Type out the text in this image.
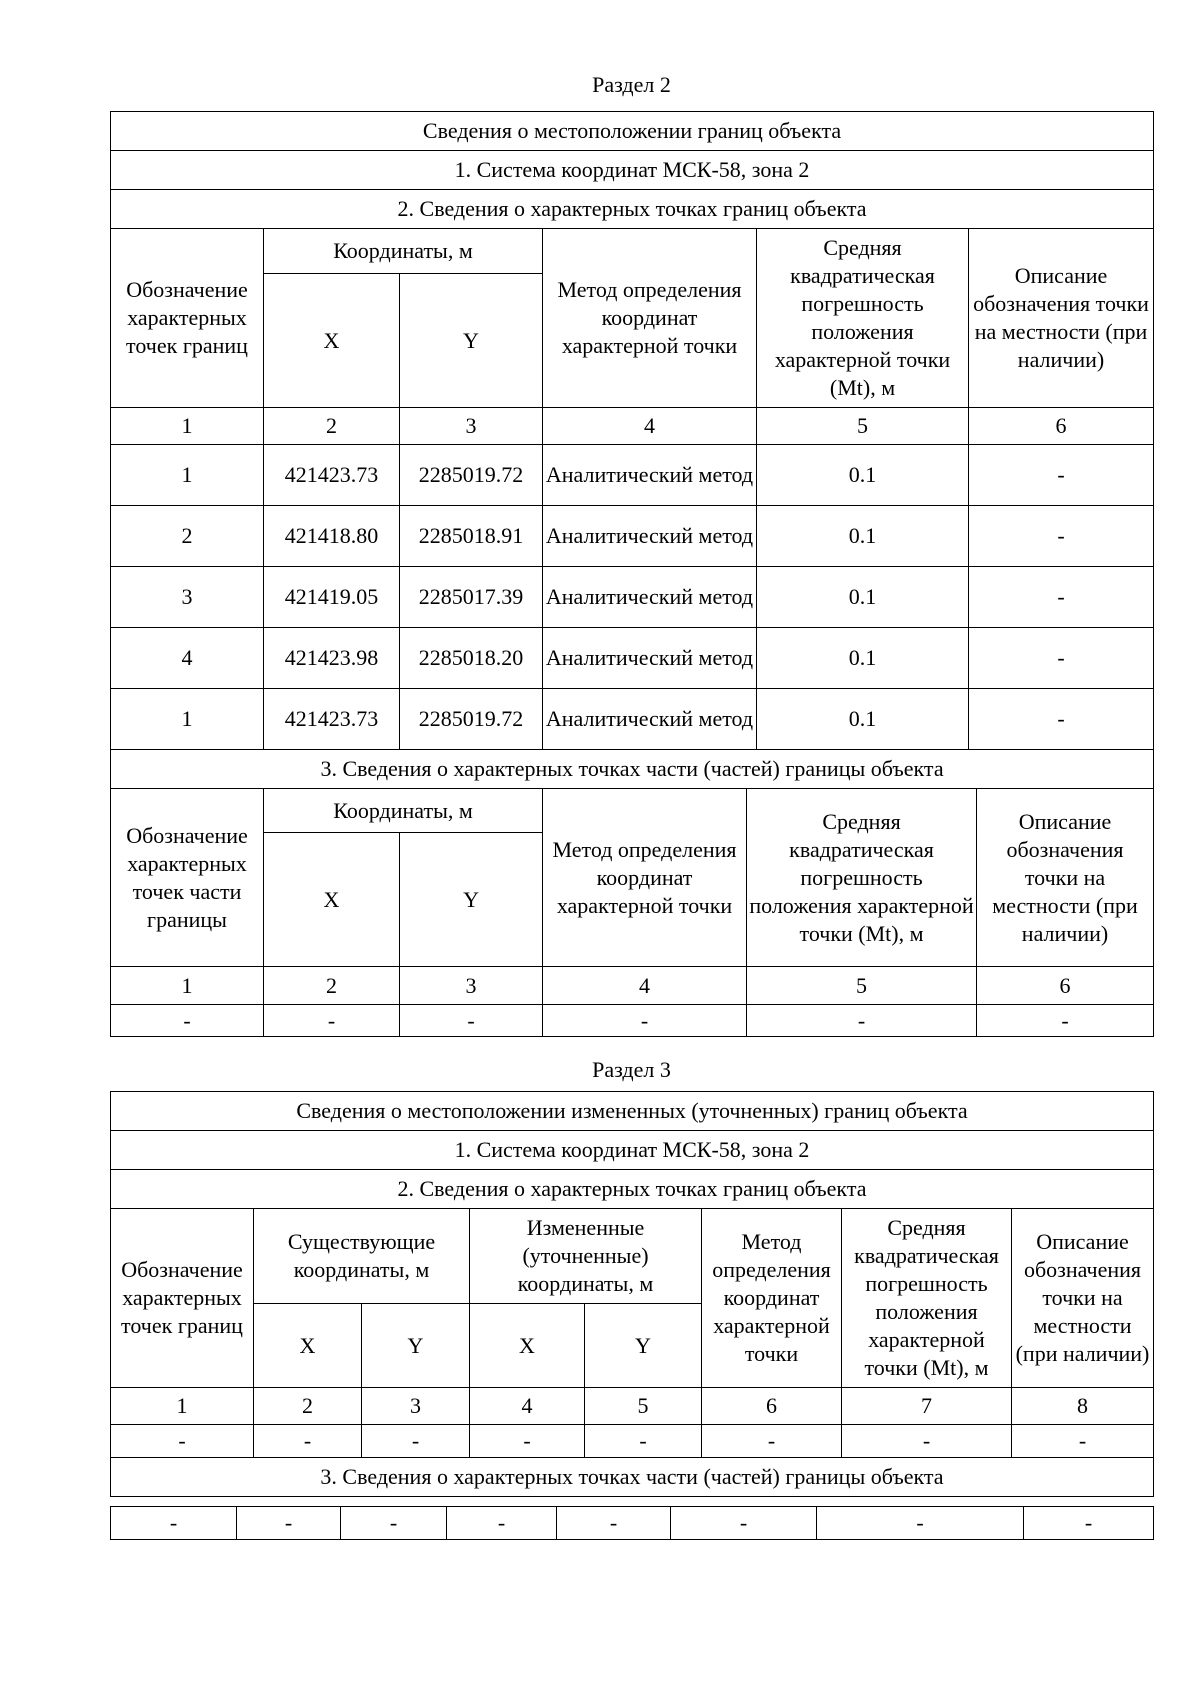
Раздел 2
Сведения о местоположении границ объекта					
1. Система координат МСК-58, зона 2					
2. Сведения о характерных точках границ объекта					
Обозначение характерных точек границ	Координаты, м		Метод определения координат характерной точки	Средняя квадратическая погрешность положения характерной точки (Mt), м	Описание обозначения точки на местности (при наличии)
	X	Y			
1	2	3	4	5	6
1	421423.73	2285019.72	Аналитический метод	0.1	-
2	421418.80	2285018.91	Аналитический метод	0.1	-
3	421419.05	2285017.39	Аналитический метод	0.1	-
4	421423.98	2285018.20	Аналитический метод	0.1	-
1	421423.73	2285019.72	Аналитический метод	0.1	-
3. Сведения о характерных точках части (частей) границы объекта					
Обозначение характерных точек части границы	Координаты, м		Метод определения координат характерной точки	Средняя квадратическая погрешность положения характерной точки (Mt), м	Описание обозначения точки на местности (при наличии)
	X	Y			
1	2	3	4	5	6
-	-	-	-	-	-
Раздел 3
Сведения о местоположении измененных (уточненных) границ объекта							
1. Система координат МСК-58, зона 2							
2. Сведения о характерных точках границ объекта							
Обозначение характерных точек границ	Существующие координаты, м		Измененные (уточненные) координаты, м		Метод определения координат характерной точки	Средняя квадратическая погрешность положения характерной точки (Mt), м	Описание обозначения точки на местности (при наличии)
	X	Y	X	Y			
1	2	3	4	5	6	7	8
-	-	-	-	-	-	-	-
3. Сведения о характерных точках части (частей) границы объекта							
-	-	-	-	-	-	-	-
